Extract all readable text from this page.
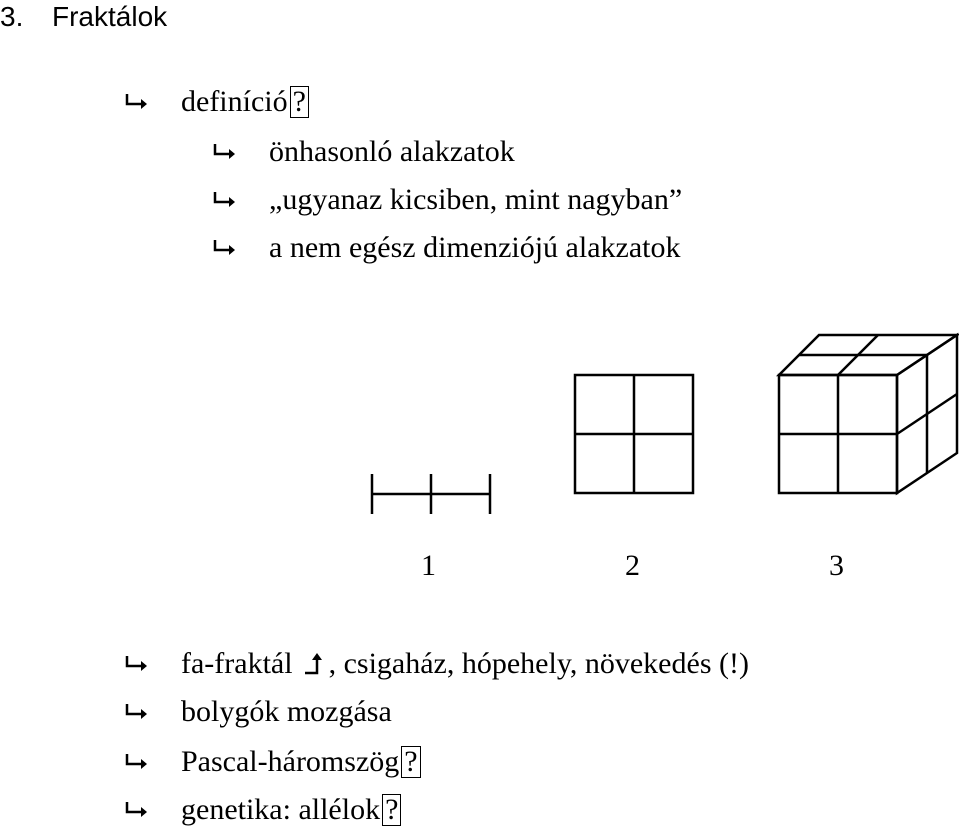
3. Fraktálok
definíció ?
önhasonló alakzatok
„ugyanaz kicsiben, mint nagyban”
a nem egész dimenziójú alakzatok
1	2	3
fa-fraktál , csigaház, hópehely, növekedés (!)
bolygók mozgása
Pascal-háromszög ?
genetika: allélok ?
